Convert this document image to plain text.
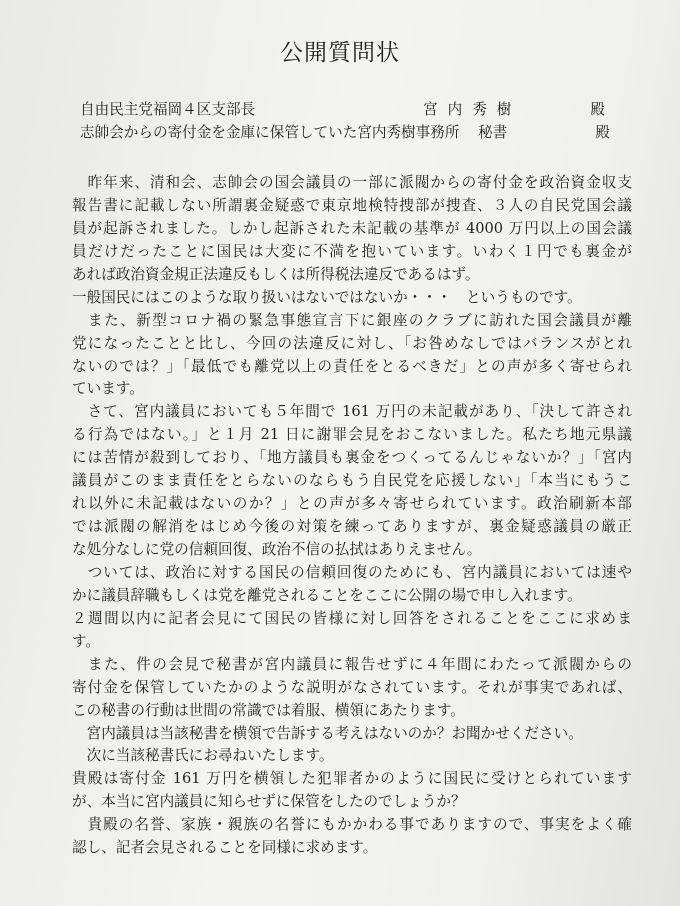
公開質問状
自由民主党福岡４区支部長	宮内秀樹	殿
志帥会からの寄付金を金庫に保管していた宮内秀樹事務所 秘書	殿
　昨年来、清和会、志帥会の国会議員の一部に派閥からの寄付金を政治資金収支
報告書に記載しない所謂裏金疑惑で東京地検特捜部が捜査、３人の自民党国会議
員が起訴されました。しかし起訴された未記載の基準が 4000 万円以上の国会議
員だけだったことに国民は大変に不満を抱いています。いわく１円でも裏金が
あれば政治資金規正法違反もしくは所得税法違反であるはず。
一般国民にはこのような取り扱いはないではないか・・・　というものです。
　また、新型コロナ禍の緊急事態宣言下に銀座のクラブに訪れた国会議員が離
党になったことと比し、今回の法違反に対し、「お咎めなしではバランスがとれ
ないのでは？」「最低でも離党以上の責任をとるべきだ」との声が多く寄せられ
ています。
　さて、宮内議員においても５年間で 161 万円の未記載があり、「決して許され
る行為ではない。」と１月 21 日に謝罪会見をおこないました。私たち地元県議
には苦情が殺到しており、「地方議員も裏金をつくってるんじゃないか？」「宮内
議員がこのまま責任をとらないのならもう自民党を応援しない」「本当にもうこ
れ以外に未記載はないのか？」との声が多々寄せられています。政治刷新本部
では派閥の解消をはじめ今後の対策を練ってありますが、裏金疑惑議員の厳正
な処分なしに党の信頼回復、政治不信の払拭はありえません。
　ついては、政治に対する国民の信頼回復のためにも、宮内議員においては速や
かに議員辞職もしくは党を離党されることをここに公開の場で申し入れます。
２週間以内に記者会見にて国民の皆様に対し回答をされることをここに求めま
す。
　また、件の会見で秘書が宮内議員に報告せずに４年間にわたって派閥からの
寄付金を保管していたかのような説明がなされています。それが事実であれば、
この秘書の行動は世間の常識では着服、横領にあたります。
　宮内議員は当該秘書を横領で告訴する考えはないのか？お聞かせください。
　次に当該秘書氏にお尋ねいたします。
貴殿は寄付金 161 万円を横領した犯罪者かのように国民に受けとられています
が、本当に宮内議員に知らせずに保管をしたのでしょうか？
　貴殿の名誉、家族・親族の名誉にもかかわる事でありますので、事実をよく確
認し、記者会見されることを同様に求めます。
